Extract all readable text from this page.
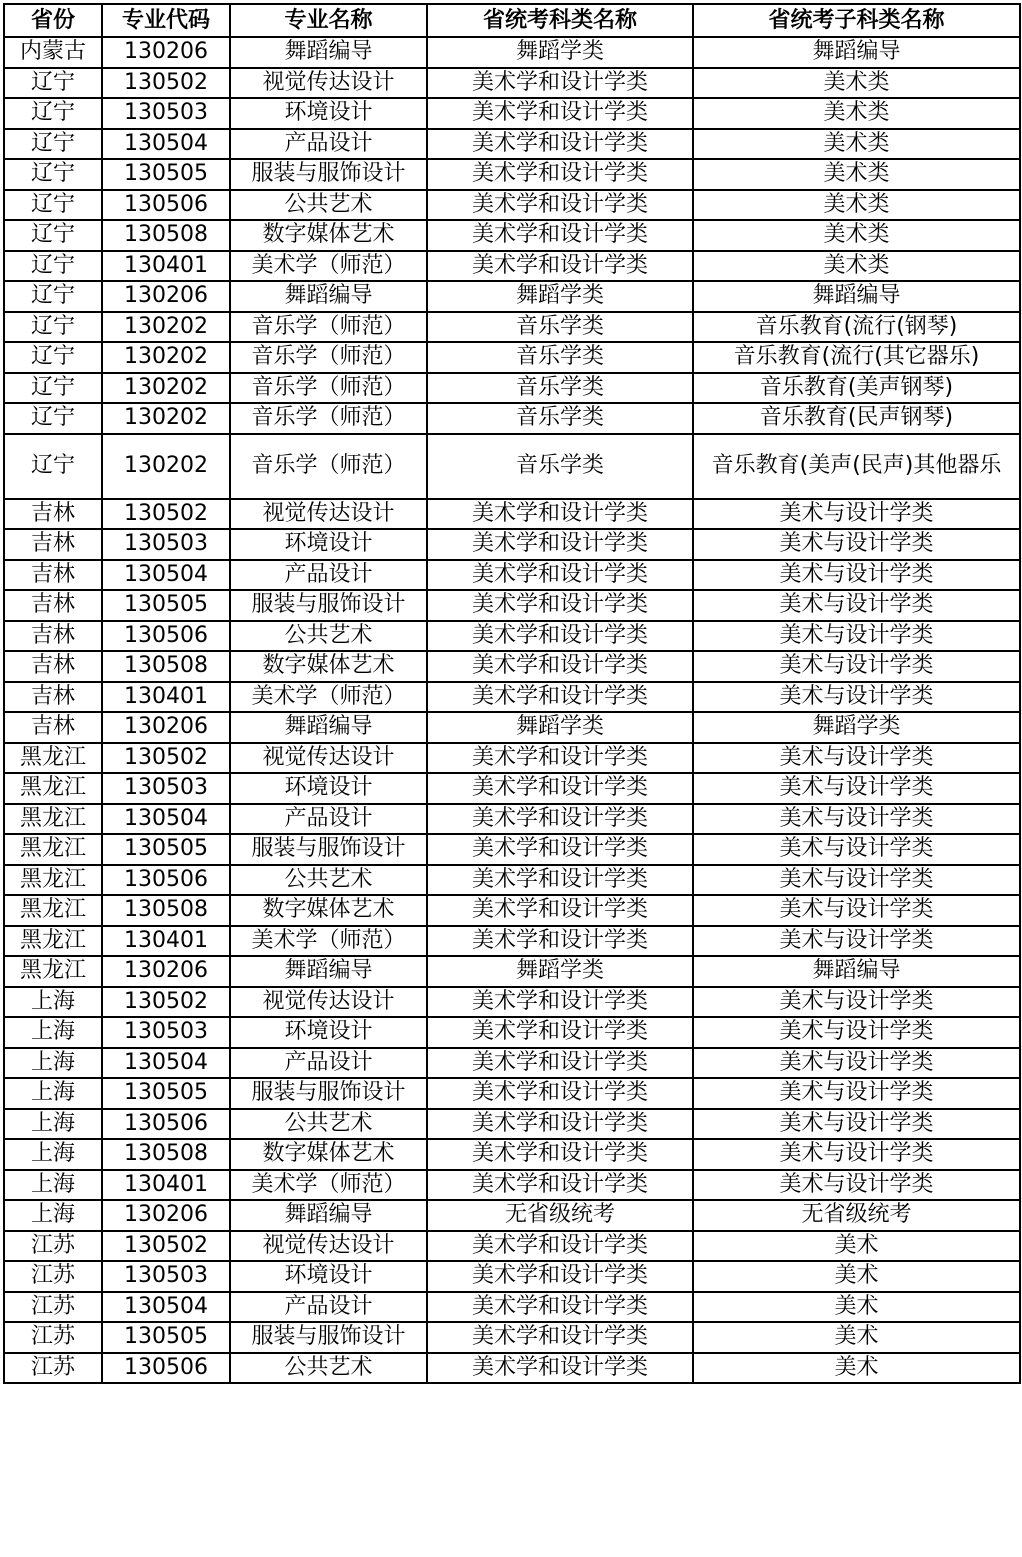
省份	专业代码	专业名称	省统考科类名称	省统考子科类名称
内蒙古	130206	舞蹈编导	舞蹈学类	舞蹈编导
辽宁	130502	视觉传达设计	美术学和设计学类	美术类
辽宁	130503	环境设计	美术学和设计学类	美术类
辽宁	130504	产品设计	美术学和设计学类	美术类
辽宁	130505	服装与服饰设计	美术学和设计学类	美术类
辽宁	130506	公共艺术	美术学和设计学类	美术类
辽宁	130508	数字媒体艺术	美术学和设计学类	美术类
辽宁	130401	美术学（师范）	美术学和设计学类	美术类
辽宁	130206	舞蹈编导	舞蹈学类	舞蹈编导
辽宁	130202	音乐学（师范）	音乐学类	音乐教育(流行(钢琴)
辽宁	130202	音乐学（师范）	音乐学类	音乐教育(流行(其它器乐)
辽宁	130202	音乐学（师范）	音乐学类	音乐教育(美声钢琴)
辽宁	130202	音乐学（师范）	音乐学类	音乐教育(民声钢琴)
辽宁	130202	音乐学（师范）	音乐学类	音乐教育(美声(民声)其他器乐
吉林	130502	视觉传达设计	美术学和设计学类	美术与设计学类
吉林	130503	环境设计	美术学和设计学类	美术与设计学类
吉林	130504	产品设计	美术学和设计学类	美术与设计学类
吉林	130505	服装与服饰设计	美术学和设计学类	美术与设计学类
吉林	130506	公共艺术	美术学和设计学类	美术与设计学类
吉林	130508	数字媒体艺术	美术学和设计学类	美术与设计学类
吉林	130401	美术学（师范）	美术学和设计学类	美术与设计学类
吉林	130206	舞蹈编导	舞蹈学类	舞蹈学类
黑龙江	130502	视觉传达设计	美术学和设计学类	美术与设计学类
黑龙江	130503	环境设计	美术学和设计学类	美术与设计学类
黑龙江	130504	产品设计	美术学和设计学类	美术与设计学类
黑龙江	130505	服装与服饰设计	美术学和设计学类	美术与设计学类
黑龙江	130506	公共艺术	美术学和设计学类	美术与设计学类
黑龙江	130508	数字媒体艺术	美术学和设计学类	美术与设计学类
黑龙江	130401	美术学（师范）	美术学和设计学类	美术与设计学类
黑龙江	130206	舞蹈编导	舞蹈学类	舞蹈编导
上海	130502	视觉传达设计	美术学和设计学类	美术与设计学类
上海	130503	环境设计	美术学和设计学类	美术与设计学类
上海	130504	产品设计	美术学和设计学类	美术与设计学类
上海	130505	服装与服饰设计	美术学和设计学类	美术与设计学类
上海	130506	公共艺术	美术学和设计学类	美术与设计学类
上海	130508	数字媒体艺术	美术学和设计学类	美术与设计学类
上海	130401	美术学（师范）	美术学和设计学类	美术与设计学类
上海	130206	舞蹈编导	无省级统考	无省级统考
江苏	130502	视觉传达设计	美术学和设计学类	美术
江苏	130503	环境设计	美术学和设计学类	美术
江苏	130504	产品设计	美术学和设计学类	美术
江苏	130505	服装与服饰设计	美术学和设计学类	美术
江苏	130506	公共艺术	美术学和设计学类	美术
